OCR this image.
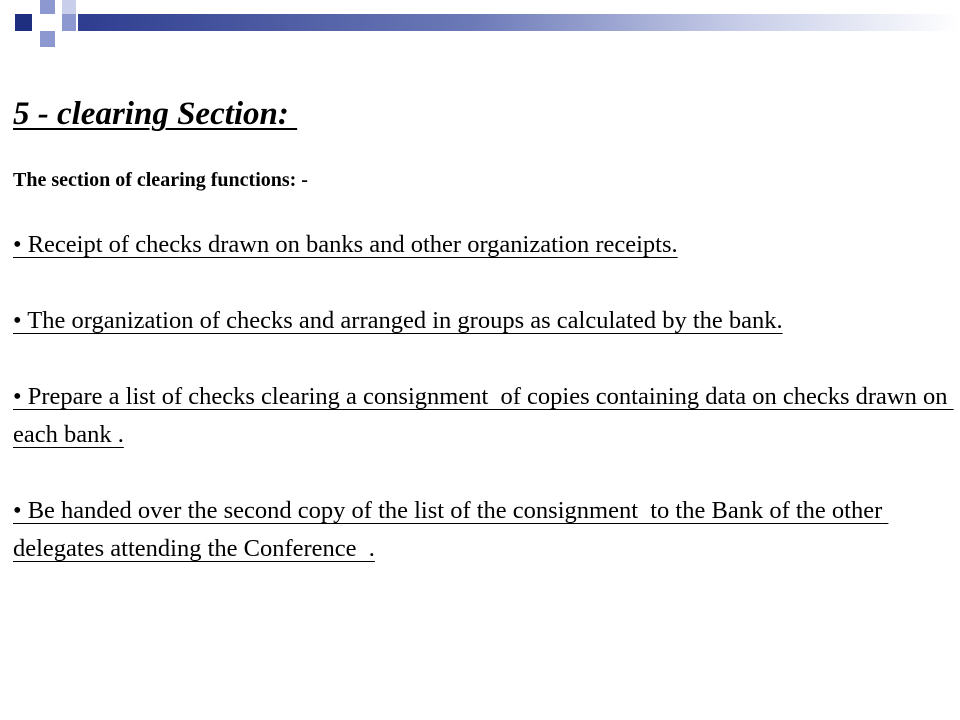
5 - clearing Section:

The section of clearing functions: -

• Receipt of checks drawn on banks and other organization receipts.
• The organization of checks and arranged in groups as calculated by the bank.
• Prepare a list of checks clearing a consignment  of copies containing data on checks drawn on each bank .
• Be handed over the second copy of the list of the consignment  to the Bank of the other delegates attending the Conference  .
